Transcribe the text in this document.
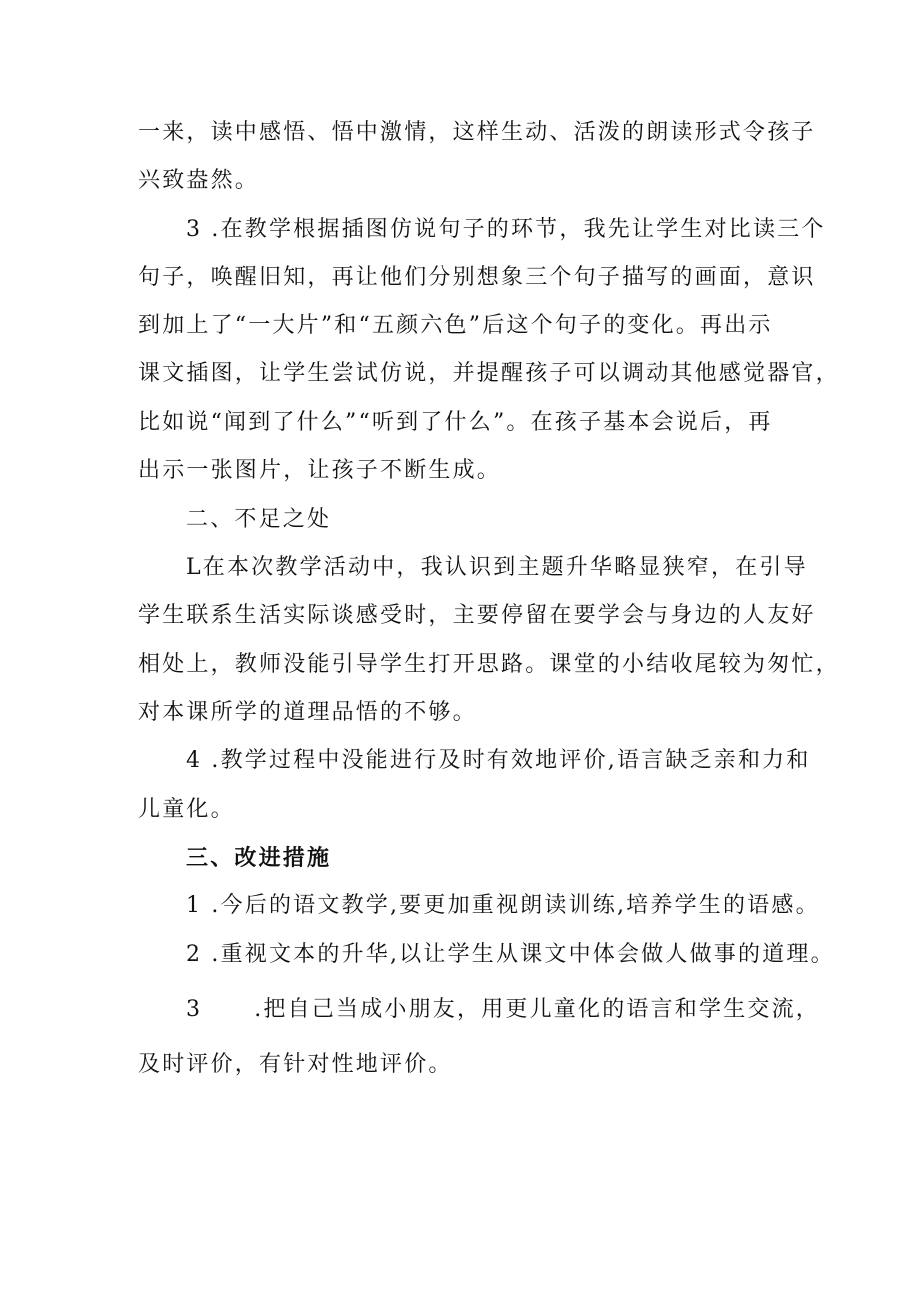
一来，读中感悟、悟中激情，这样生动、活泼的朗读形式令孩子
兴致盎然。
3 .在教学根据插图仿说句子的环节，我先让学生对比读三个
句子，唤醒旧知，再让他们分别想象三个句子描写的画面，意识
到加上了“一大片”和“五颜六色”后这个句子的变化。再出示
课文插图，让学生尝试仿说，并提醒孩子可以调动其他感觉器官，
比如说“闻到了什么”“听到了什么”。在孩子基本会说后，再
出示一张图片，让孩子不断生成。
二、不足之处
L在本次教学活动中，我认识到主题升华略显狭窄，在引导
学生联系生活实际谈感受时，主要停留在要学会与身边的人友好
相处上，教师没能引导学生打开思路。课堂的小结收尾较为匆忙，
对本课所学的道理品悟的不够。
4 .教学过程中没能进行及时有效地评价,语言缺乏亲和力和
儿童化。
三、改进措施
1 .今后的语文教学,要更加重视朗读训练,培养学生的语感。
2 .重视文本的升华,以让学生从课文中体会做人做事的道理。
3 .把自己当成小朋友，用更儿童化的语言和学生交流，
及时评价，有针对性地评价。
